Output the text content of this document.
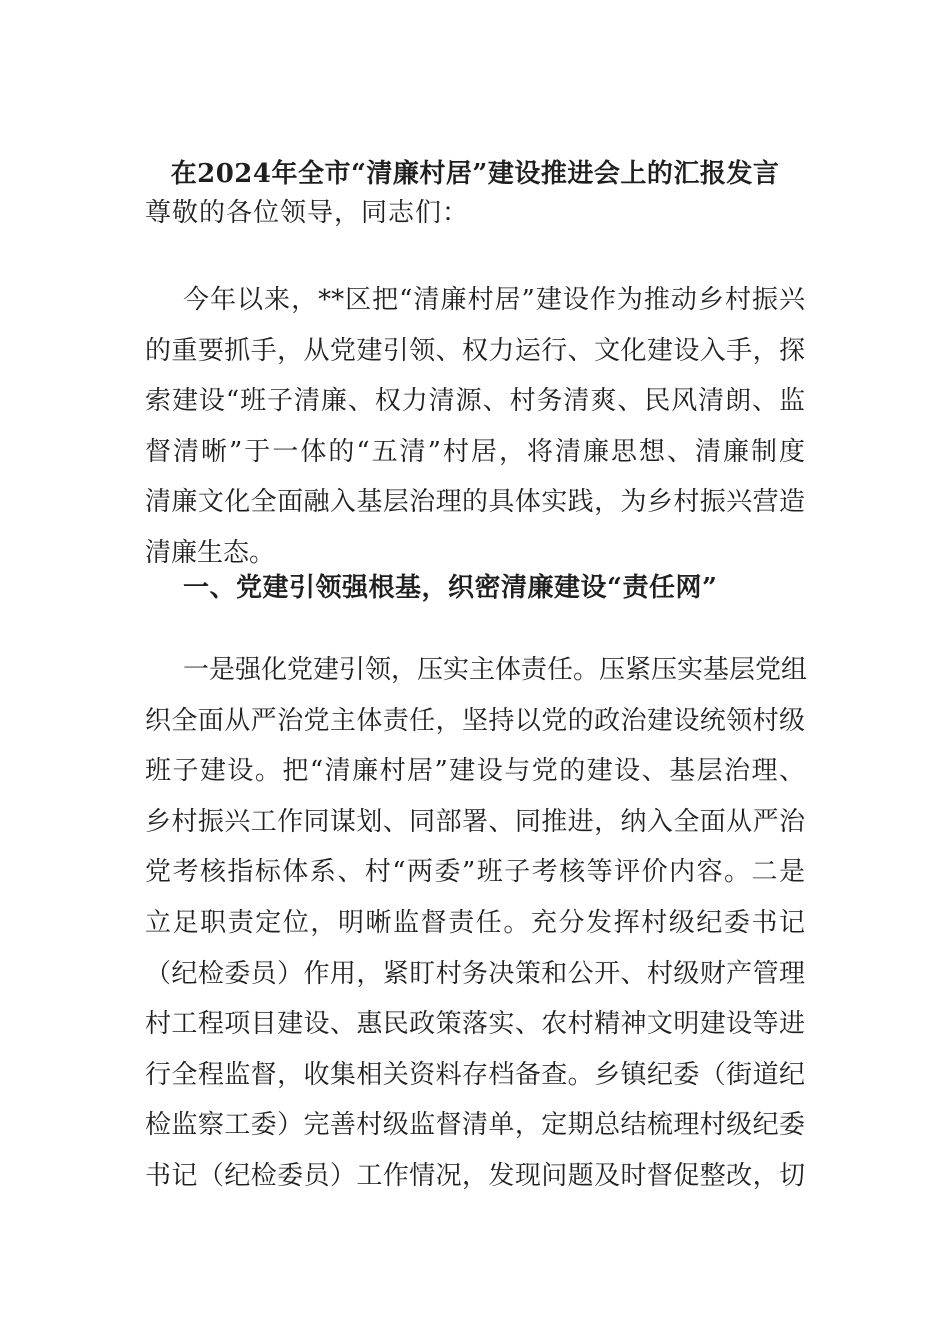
在2024年全市“清廉村居”建设推进会上的汇报发言
尊敬的各位领导，同志们：
今年以来，**区把“清廉村居”建设作为推动乡村振兴
的重要抓手，从党建引领、权力运行、文化建设入手，探
索建设“班子清廉、权力清源、村务清爽、民风清朗、监
督清晰”于一体的“五清”村居，将清廉思想、清廉制度
清廉文化全面融入基层治理的具体实践，为乡村振兴营造
清廉生态。
一、党建引领强根基，织密清廉建设“责任网”
一是强化党建引领，压实主体责任。压紧压实基层党组
织全面从严治党主体责任，坚持以党的政治建设统领村级
班子建设。把“清廉村居”建设与党的建设、基层治理、
乡村振兴工作同谋划、同部署、同推进，纳入全面从严治
党考核指标体系、村“两委”班子考核等评价内容。二是
立足职责定位，明晰监督责任。充分发挥村级纪委书记
（纪检委员）作用，紧盯村务决策和公开、村级财产管理
村工程项目建设、惠民政策落实、农村精神文明建设等进
行全程监督，收集相关资料存档备查。乡镇纪委（街道纪
检监察工委）完善村级监督清单，定期总结梳理村级纪委
书记（纪检委员）工作情况，发现问题及时督促整改，切
